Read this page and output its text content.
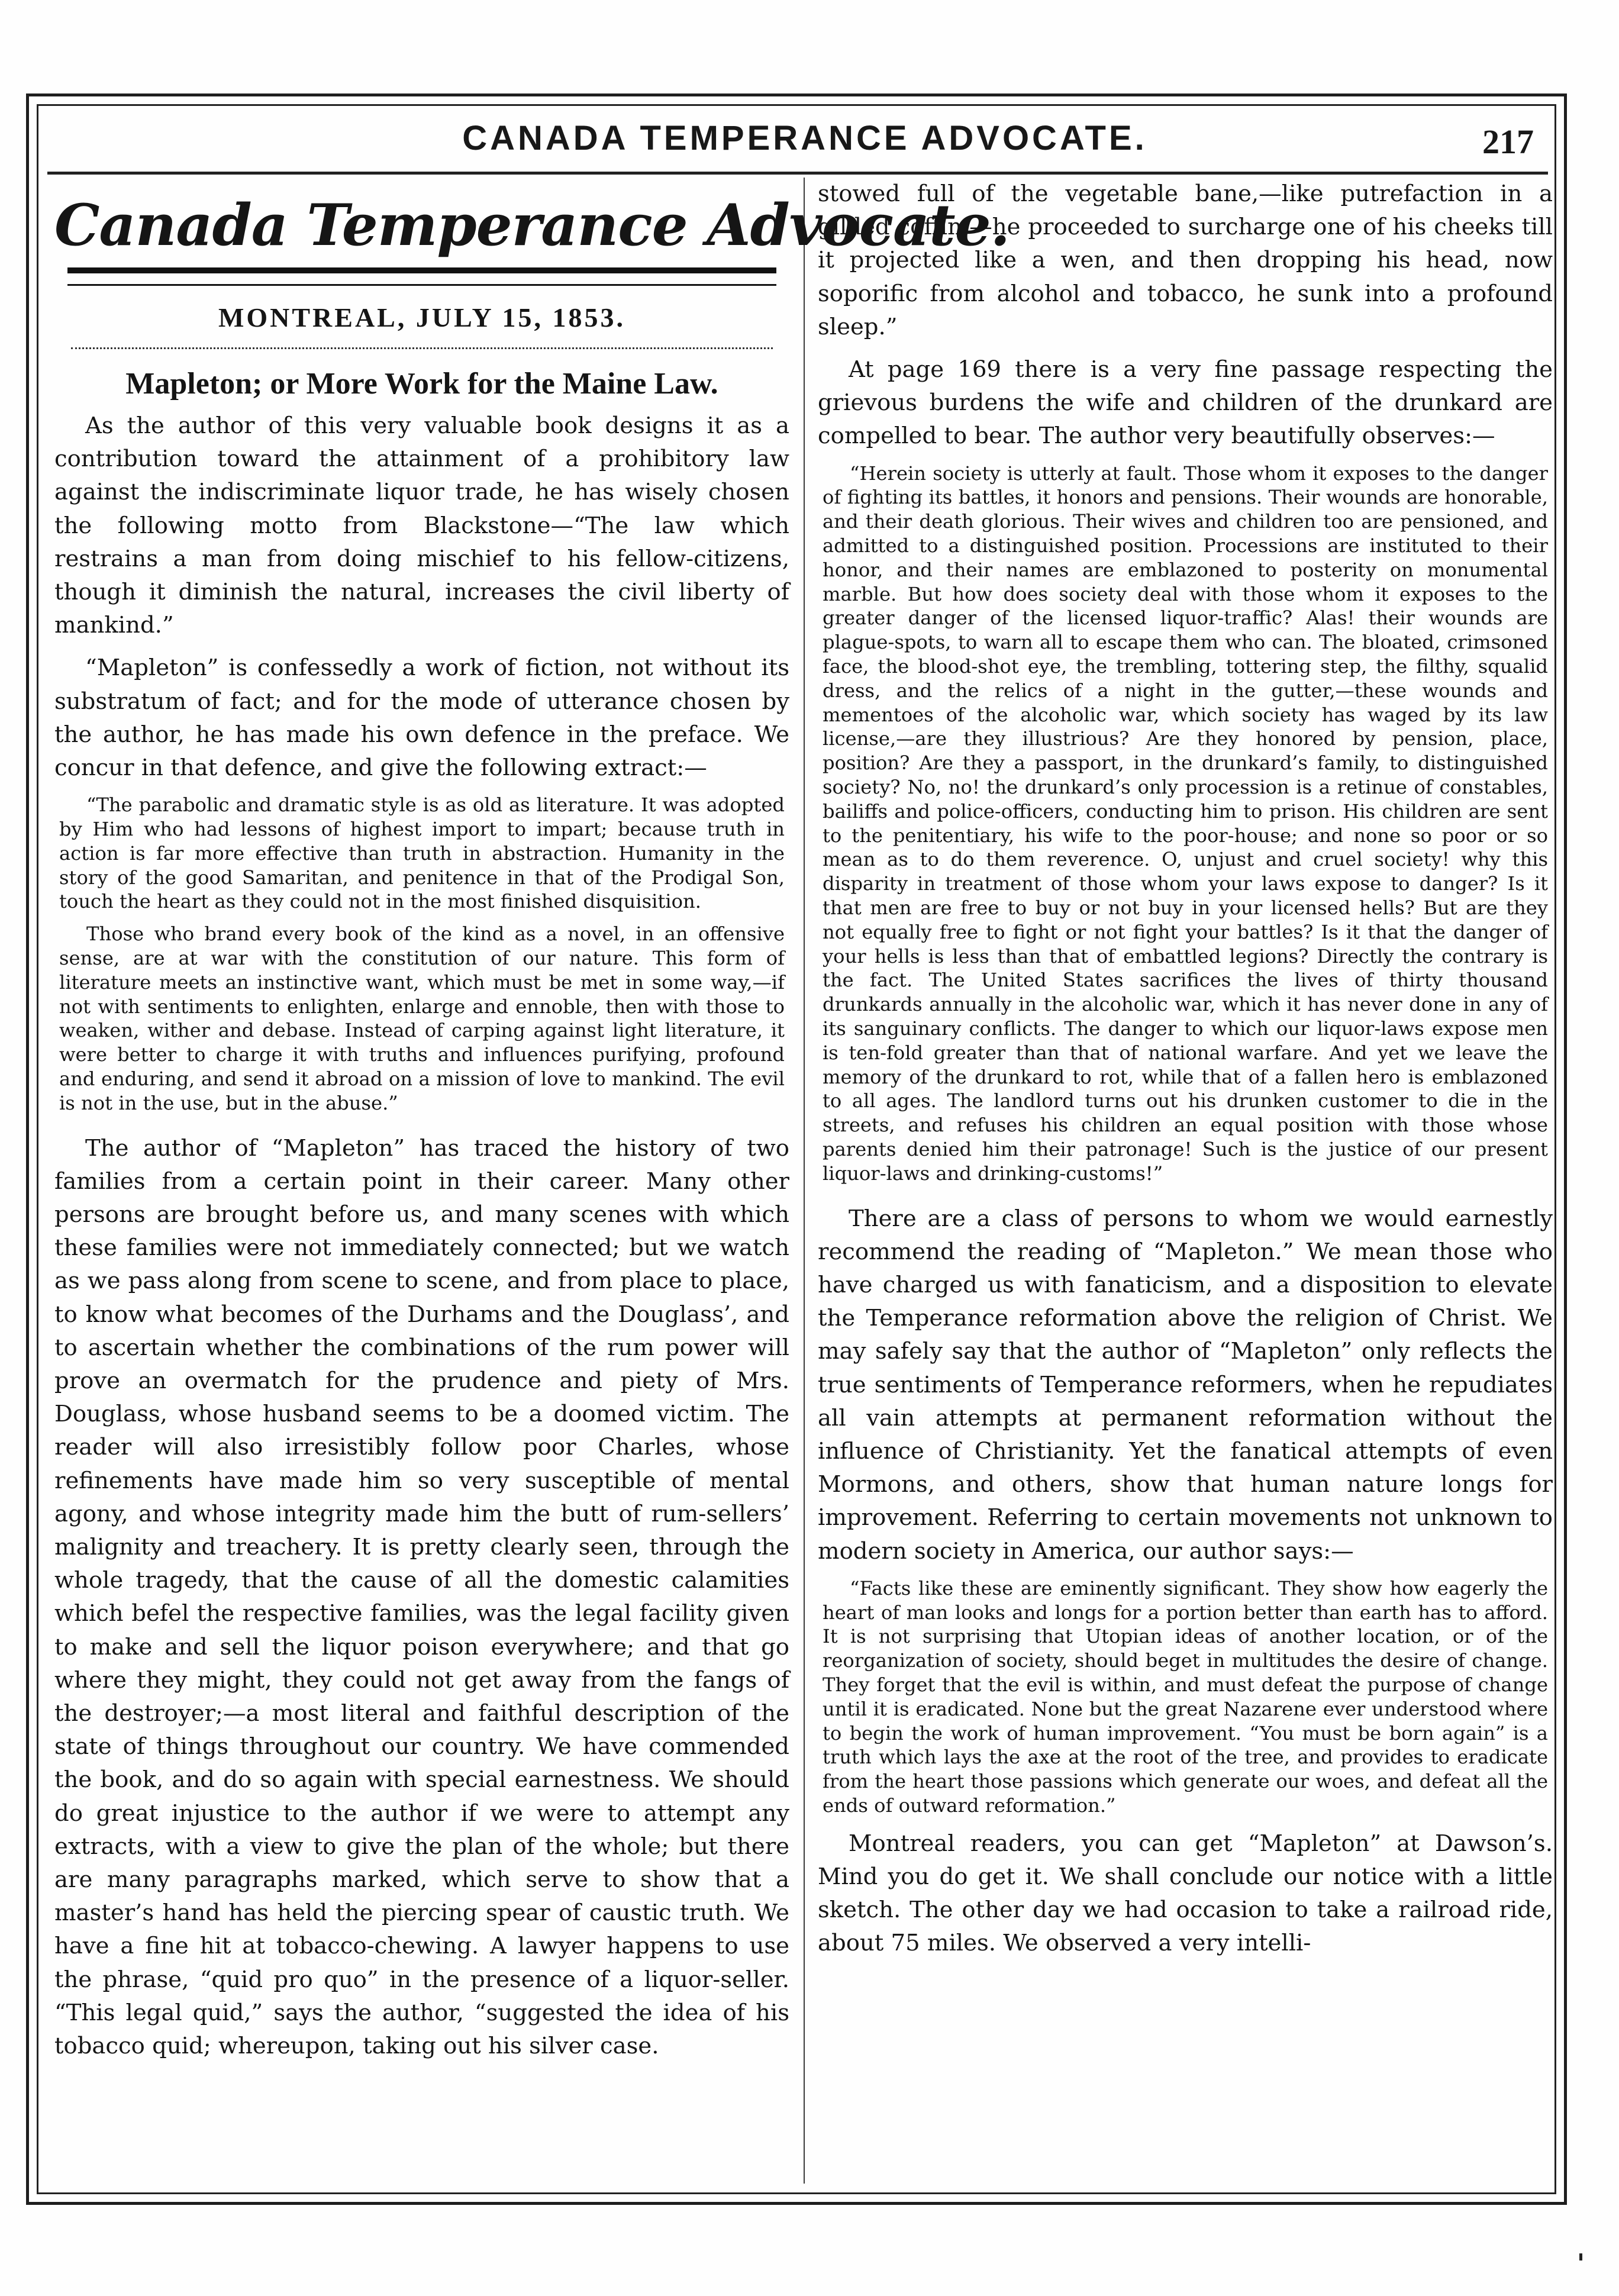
CANADA TEMPERANCE ADVOCATE.	217
Canada Temperance Advocate.
MONTREAL, JULY 15, 1853.
Mapleton; or More Work for the Maine Law.

As the author of this very valuable book designs it as a contribution toward the attainment of a prohibitory law against the indiscriminate liquor trade, he has wisely chosen the following motto from Blackstone—“The law which restrains a man from doing mischief to his fellow-citizens, though it diminish the natural, increases the civil liberty of mankind.”

“Mapleton” is confessedly a work of fiction, not without its substratum of fact; and for the mode of utterance chosen by the author, he has made his own defence in the preface. We concur in that defence, and give the following extract:—

“The parabolic and dramatic style is as old as literature. It was adopted by Him who had lessons of highest import to impart; because truth in action is far more effective than truth in abstraction. Humanity in the story of the good Samaritan, and penitence in that of the Prodigal Son, touch the heart as they could not in the most finished disquisition.

Those who brand every book of the kind as a novel, in an offensive sense, are at war with the constitution of our nature. This form of literature meets an instinctive want, which must be met in some way,—if not with sentiments to enlighten, enlarge and ennoble, then with those to weaken, wither and debase. Instead of carping against light literature, it were better to charge it with truths and influences purifying, profound and enduring, and send it abroad on a mission of love to mankind. The evil is not in the use, but in the abuse.”

The author of “Mapleton” has traced the history of two families from a certain point in their career. Many other persons are brought before us, and many scenes with which these families were not immediately connected; but we watch as we pass along from scene to scene, and from place to place, to know what becomes of the Durhams and the Douglass’, and to ascertain whether the combinations of the rum power will prove an overmatch for the prudence and piety of Mrs. Douglass, whose husband seems to be a doomed victim. The reader will also irresistibly follow poor Charles, whose refinements have made him so very susceptible of mental agony, and whose integrity made him the butt of rum-sellers’ malignity and treachery. It is pretty clearly seen, through the whole tragedy, that the cause of all the domestic calamities which befel the respective families, was the legal facility given to make and sell the liquor poison everywhere; and that go where they might, they could not get away from the fangs of the destroyer;—a most literal and faithful description of the state of things throughout our country. We have commended the book, and do so again with special earnestness. We should do great injustice to the author if we were to attempt any extracts, with a view to give the plan of the whole; but there are many paragraphs marked, which serve to show that a master’s hand has held the piercing spear of caustic truth. We have a fine hit at tobacco-chewing. A lawyer happens to use the phrase, “quid pro quo” in the presence of a liquor-seller. “This legal quid,” says the author, “suggested the idea of his tobacco quid; whereupon, taking out his silver case.

stowed full of the vegetable bane,—like putrefaction in a gilded coffin,—he proceeded to surcharge one of his cheeks till it projected like a wen, and then dropping his head, now soporific from alcohol and tobacco, he sunk into a profound sleep.”

At page 169 there is a very fine passage respecting the grievous burdens the wife and children of the drunkard are compelled to bear. The author very beautifully observes:—

“Herein society is utterly at fault. Those whom it exposes to the danger of fighting its battles, it honors and pensions. Their wounds are honorable, and their death glorious. Their wives and children too are pensioned, and admitted to a distinguished position. Processions are instituted to their honor, and their names are emblazoned to posterity on monumental marble. But how does society deal with those whom it exposes to the greater danger of the licensed liquor-traffic? Alas! their wounds are plague-spots, to warn all to escape them who can. The bloated, crimsoned face, the blood-shot eye, the trembling, tottering step, the filthy, squalid dress, and the relics of a night in the gutter,—these wounds and mementoes of the alcoholic war, which society has waged by its law license,—are they illustrious? Are they honored by pension, place, position? Are they a passport, in the drunkard’s family, to distinguished society? No, no! the drunkard’s only procession is a retinue of constables, bailiffs and police-officers, conducting him to prison. His children are sent to the penitentiary, his wife to the poor-house; and none so poor or so mean as to do them reverence. O, unjust and cruel society! why this disparity in treatment of those whom your laws expose to danger? Is it that men are free to buy or not buy in your licensed hells? But are they not equally free to fight or not fight your battles? Is it that the danger of your hells is less than that of embattled legions? Directly the contrary is the fact. The United States sacrifices the lives of thirty thousand drunkards annually in the alcoholic war, which it has never done in any of its sanguinary conflicts. The danger to which our liquor-laws expose men is ten-fold greater than that of national warfare. And yet we leave the memory of the drunkard to rot, while that of a fallen hero is emblazoned to all ages. The landlord turns out his drunken customer to die in the streets, and refuses his children an equal position with those whose parents denied him their patronage! Such is the justice of our present liquor-laws and drinking-customs!”

There are a class of persons to whom we would earnestly recommend the reading of “Mapleton.” We mean those who have charged us with fanaticism, and a disposition to elevate the Temperance reformation above the religion of Christ. We may safely say that the author of “Mapleton” only reflects the true sentiments of Temperance reformers, when he repudiates all vain attempts at permanent reformation without the influence of Christianity. Yet the fanatical attempts of even Mormons, and others, show that human nature longs for improvement. Referring to certain movements not unknown to modern society in America, our author says:—

“Facts like these are eminently significant. They show how eagerly the heart of man looks and longs for a portion better than earth has to afford. It is not surprising that Utopian ideas of another location, or of the reorganization of society, should beget in multitudes the desire of change. They forget that the evil is within, and must defeat the purpose of change until it is eradicated. None but the great Nazarene ever understood where to begin the work of human improvement. “You must be born again” is a truth which lays the axe at the root of the tree, and provides to eradicate from the heart those passions which generate our woes, and defeat all the ends of outward reformation.”

Montreal readers, you can get “Mapleton” at Dawson’s. Mind you do get it. We shall conclude our notice with a little sketch. The other day we had occasion to take a railroad ride, about 75 miles. We observed a very intelli-
